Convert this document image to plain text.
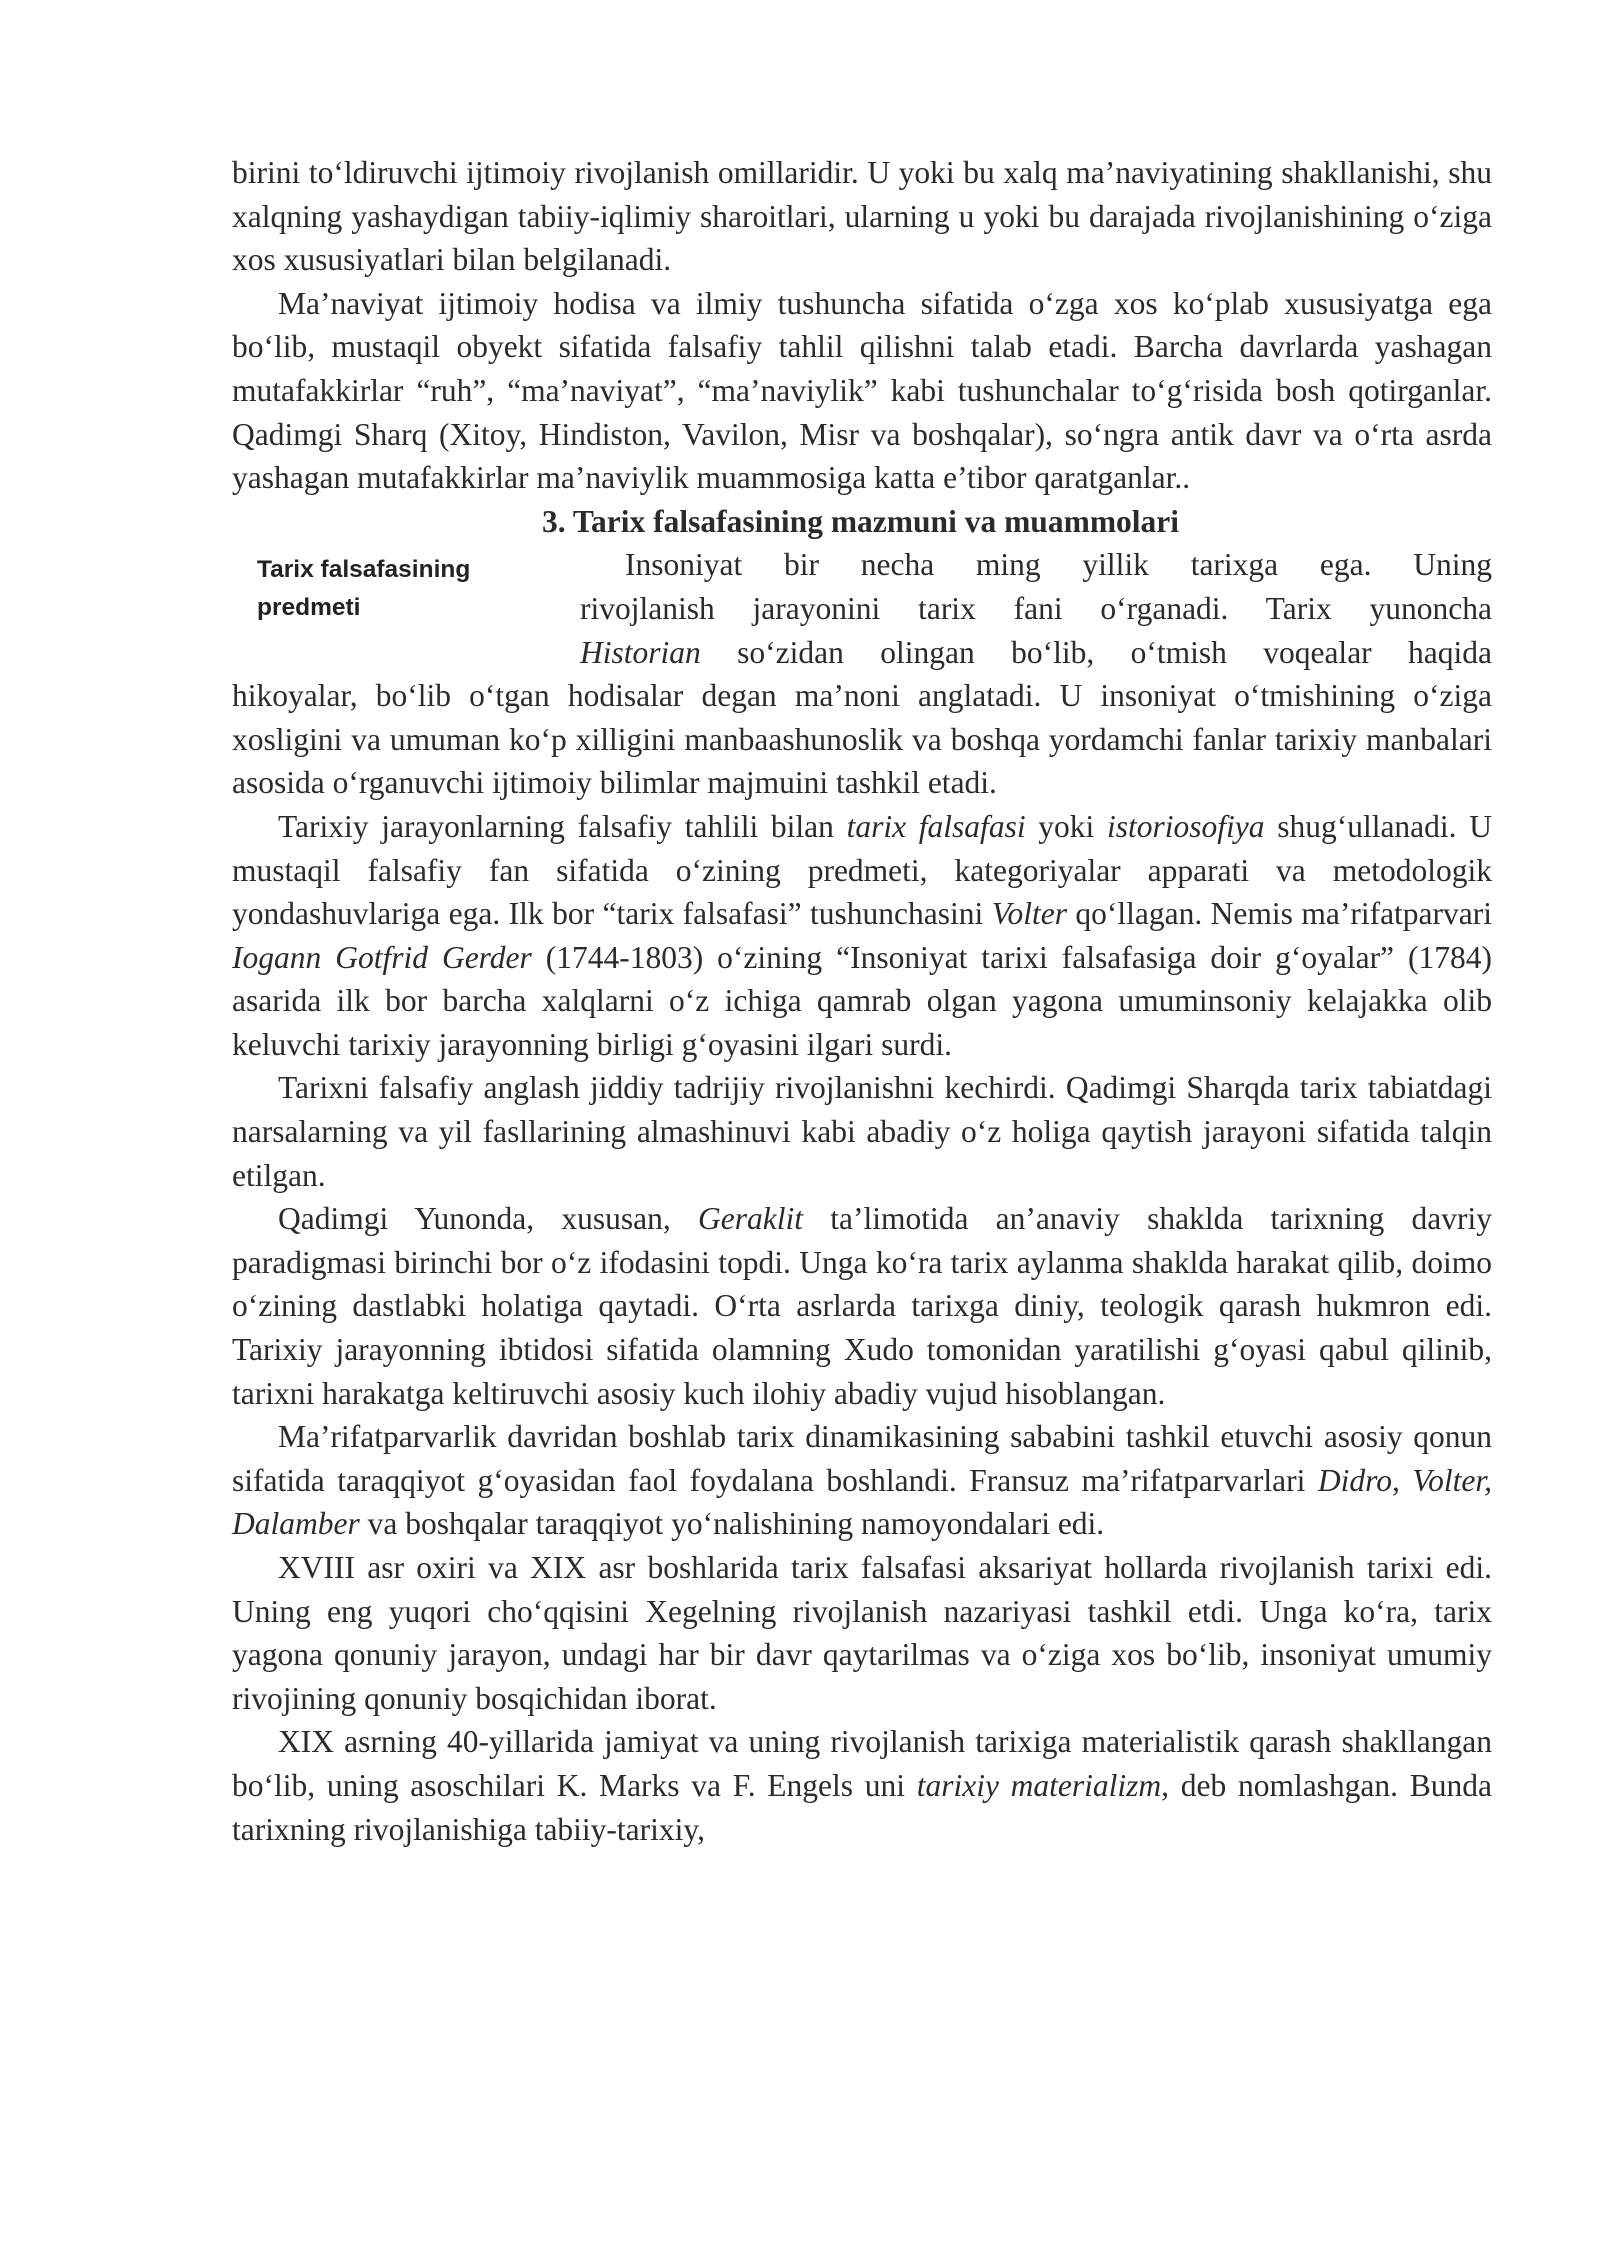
birini to‘ldiruvchi ijtimoiy rivojlanish omillaridir. U yoki bu xalq ma’naviyatining shakllanishi, shu xalqning yashaydigan tabiiy-iqlimiy sharoitlari, ularning u yoki bu darajada rivojlanishining o‘ziga xos xususiyatlari bilan belgilanadi.

Ma’naviyat ijtimoiy hodisa va ilmiy tushuncha sifatida o‘zga xos ko‘plab xususiyatga ega bo‘lib, mustaqil obyekt sifatida falsafiy tahlil qilishni talab etadi. Barcha davrlarda yashagan mutafakkirlar “ruh”, “ma’naviyat”, “ma’naviylik” kabi tushunchalar to‘g‘risida bosh qotirganlar. Qadimgi Sharq (Xitoy, Hindiston, Vavilon, Misr va boshqalar), so‘ngra antik davr va o‘rta asrda yashagan mutafakkirlar ma’naviylik muammosiga katta e’tibor qaratganlar..

3. Tarix falsafasining mazmuni va muammolari

Tarix falsafasining predmeti
Insoniyat bir necha ming yillik tarixga ega. Uning
rivojlanish jarayonini tarix fani o‘rganadi. Tarix yunoncha
Historian so‘zidan olingan bo‘lib, o‘tmish voqealar haqida

hikoyalar, bo‘lib o‘tgan hodisalar degan ma’noni anglatadi. U insoniyat o‘tmishining o‘ziga xosligini va umuman ko‘p xilligini manbaashunoslik va boshqa yordamchi fanlar tarixiy manbalari asosida o‘rganuvchi ijtimoiy bilimlar majmuini tashkil etadi.

Tarixiy jarayonlarning falsafiy tahlili bilan tarix falsafasi yoki istoriosofiya shug‘ullanadi. U mustaqil falsafiy fan sifatida o‘zining predmeti, kategoriyalar apparati va metodologik yondashuvlariga ega. Ilk bor “tarix falsafasi” tushunchasini Volter qo‘llagan. Nemis ma’rifatparvari Iogann Gotfrid Gerder (1744-1803) o‘zining “Insoniyat tarixi falsafasiga doir g‘oyalar” (1784) asarida ilk bor barcha xalqlarni o‘z ichiga qamrab olgan yagona umuminsoniy kelajakka olib keluvchi tarixiy jarayonning birligi g‘oyasini ilgari surdi.

Tarixni falsafiy anglash jiddiy tadrijiy rivojlanishni kechirdi. Qadimgi Sharqda tarix tabiatdagi narsalarning va yil fasllarining almashinuvi kabi abadiy o‘z holiga qaytish jarayoni sifatida talqin etilgan.

Qadimgi Yunonda, xususan, Geraklit ta’limotida an’anaviy shaklda tarixning davriy paradigmasi birinchi bor o‘z ifodasini topdi. Unga ko‘ra tarix aylanma shaklda harakat qilib, doimo o‘zining dastlabki holatiga qaytadi. O‘rta asrlarda tarixga diniy, teologik qarash hukmron edi. Tarixiy jarayonning ibtidosi sifatida olamning Xudo tomonidan yaratilishi g‘oyasi qabul qilinib, tarixni harakatga keltiruvchi asosiy kuch ilohiy abadiy vujud hisoblangan.

Ma’rifatparvarlik davridan boshlab tarix dinamikasining sababini tashkil etuvchi asosiy qonun sifatida taraqqiyot g‘oyasidan faol foydalana boshlandi. Fransuz ma’rifatparvarlari Didro, Volter, Dalamber va boshqalar taraqqiyot yo‘nalishining namoyondalari edi.

XVIII asr oxiri va XIX asr boshlarida tarix falsafasi aksariyat hollarda rivojlanish tarixi edi. Uning eng yuqori cho‘qqisini Xegelning rivojlanish nazariyasi tashkil etdi. Unga ko‘ra, tarix yagona qonuniy jarayon, undagi har bir davr qaytarilmas va o‘ziga xos bo‘lib, insoniyat umumiy rivojining qonuniy bosqichidan iborat.

XIX asrning 40-yillarida jamiyat va uning rivojlanish tarixiga materialistik qarash shakllangan bo‘lib, uning asoschilari K. Marks va F. Engels uni tarixiy materializm, deb nomlashgan. Bunda tarixning rivojlanishiga tabiiy-tarixiy,
